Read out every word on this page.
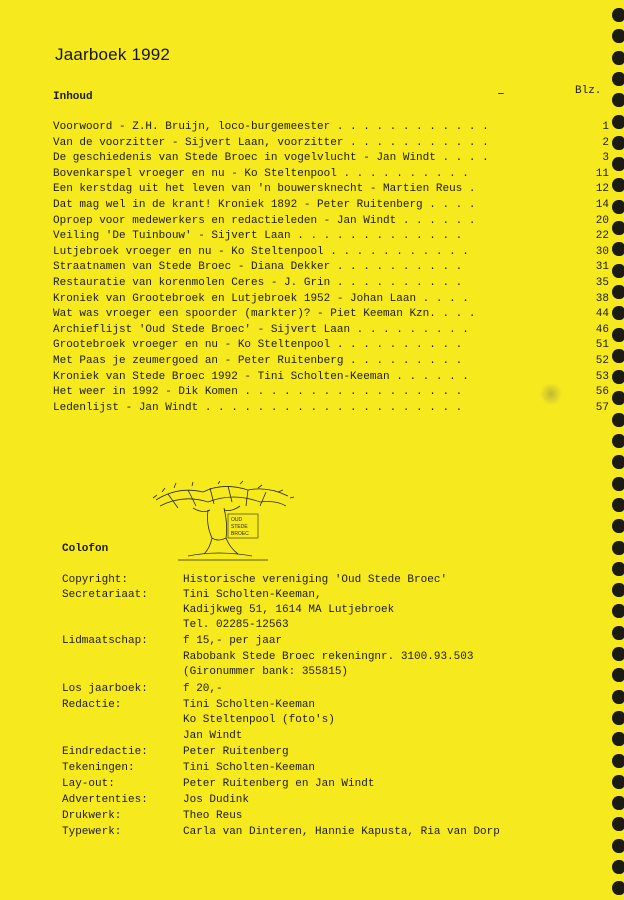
Jaarboek 1992
Inhoud	–	Blz.
Voorwoord - Z.H. Bruijn, loco-burgemeester . . . . . . . . . . . .	1
Van de voorzitter - Sijvert Laan, voorzitter . . . . . . . . . . .	2
De geschiedenis van Stede Broec in vogelvlucht - Jan Windt . . . .	3
Bovenkarspel vroeger en nu - Ko Steltenpool . . . . . . . . . .	11
Een kerstdag uit het leven van 'n bouwersknecht - Martien Reus .	12
Dat mag wel in de krant! Kroniek 1892 - Peter Ruitenberg . . . .	14
Oproep voor medewerkers en redactieleden - Jan Windt . . . . . .	20
Veiling 'De Tuinbouw' - Sijvert Laan . . . . . . . . . . . . .	22
Lutjebroek vroeger en nu - Ko Steltenpool . . . . . . . . . . .	30
Straatnamen van Stede Broec - Diana Dekker . . . . . . . . . .	31
Restauratie van korenmolen Ceres - J. Grin . . . . . . . . . .	35
Kroniek van Grootebroek en Lutjebroek 1952 - Johan Laan . . . .	38
Wat was vroeger een spoorder (markter)? - Piet Keeman Kzn. . . .	44
Archieflijst 'Oud Stede Broec' - Sijvert Laan . . . . . . . . .	46
Grootebroek vroeger en nu - Ko Steltenpool . . . . . . . . . .	51
Met Paas je zeumergoed an - Peter Ruitenberg . . . . . . . . .	52
Kroniek van Stede Broec 1992 - Tini Scholten-Keeman . . . . . .	53
Het weer in 1992 - Dik Komen . . . . . . . . . . . . . . . . .	56
Ledenlijst - Jan Windt . . . . . . . . . . . . . . . . . . . .	57
OUD
STEDE
BROEC
Colofon
Copyright:	Historische vereniging 'Oud Stede Broec'
Secretariaat:	Tini Scholten-Keeman,
Kadijkweg 51, 1614 MA Lutjebroek
Tel. 02285-12563
Lidmaatschap:	f 15,- per jaar
Rabobank Stede Broec rekeningnr. 3100.93.503
(Gironummer bank: 355815)
Los jaarboek:	f 20,-
Redactie:	Tini Scholten-Keeman
Ko Steltenpool (foto's)
Jan Windt
Eindredactie:	Peter Ruitenberg
Tekeningen:	Tini Scholten-Keeman
Lay-out:	Peter Ruitenberg en Jan Windt
Advertenties:	Jos Dudink
Drukwerk:	Theo Reus
Typewerk:	Carla van Dinteren, Hannie Kapusta, Ria van Dorp
